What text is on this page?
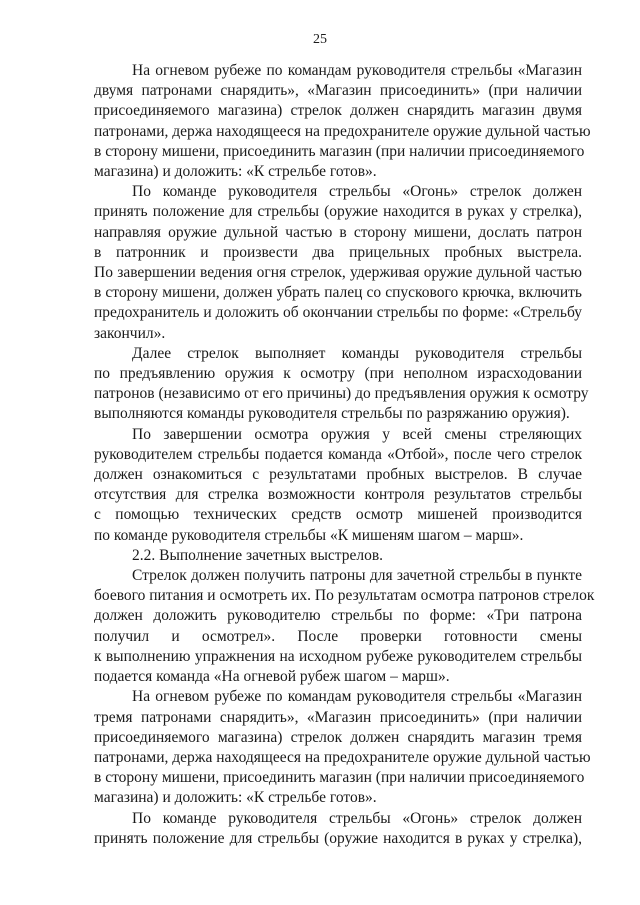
25

На огневом рубеже по командам руководителя стрельбы «Магазин
двумя патронами снарядить», «Магазин присоединить» (при наличии
присоединяемого магазина) стрелок должен снарядить магазин двумя
патронами, держа находящееся на предохранителе оружие дульной частью
в сторону мишени, присоединить магазин (при наличии присоединяемого
магазина) и доложить: «К стрельбе готов».

По команде руководителя стрельбы «Огонь» стрелок должен
принять положение для стрельбы (оружие находится в руках у стрелка),
направляя оружие дульной частью в сторону мишени, дослать патрон
в патронник и произвести два прицельных пробных выстрела.
По завершении ведения огня стрелок, удерживая оружие дульной частью
в сторону мишени, должен убрать палец со спускового крючка, включить
предохранитель и доложить об окончании стрельбы по форме: «Стрельбу
закончил».

Далее стрелок выполняет команды руководителя стрельбы
по предъявлению оружия к осмотру (при неполном израсходовании
патронов (независимо от его причины) до предъявления оружия к осмотру
выполняются команды руководителя стрельбы по разряжанию оружия).

По завершении осмотра оружия у всей смены стреляющих
руководителем стрельбы подается команда «Отбой», после чего стрелок
должен ознакомиться с результатами пробных выстрелов. В случае
отсутствия для стрелка возможности контроля результатов стрельбы
с помощью технических средств осмотр мишеней производится
по команде руководителя стрельбы «К мишеням шагом – марш».

2.2. Выполнение зачетных выстрелов.

Стрелок должен получить патроны для зачетной стрельбы в пункте
боевого питания и осмотреть их. По результатам осмотра патронов стрелок
должен доложить руководителю стрельбы по форме: «Три патрона
получил и осмотрел». После проверки готовности смены
к выполнению упражнения на исходном рубеже руководителем стрельбы
подается команда «На огневой рубеж шагом – марш».

На огневом рубеже по командам руководителя стрельбы «Магазин
тремя патронами снарядить», «Магазин присоединить» (при наличии
присоединяемого магазина) стрелок должен снарядить магазин тремя
патронами, держа находящееся на предохранителе оружие дульной частью
в сторону мишени, присоединить магазин (при наличии присоединяемого
магазина) и доложить: «К стрельбе готов».

По команде руководителя стрельбы «Огонь» стрелок должен
принять положение для стрельбы (оружие находится в руках у стрелка),
